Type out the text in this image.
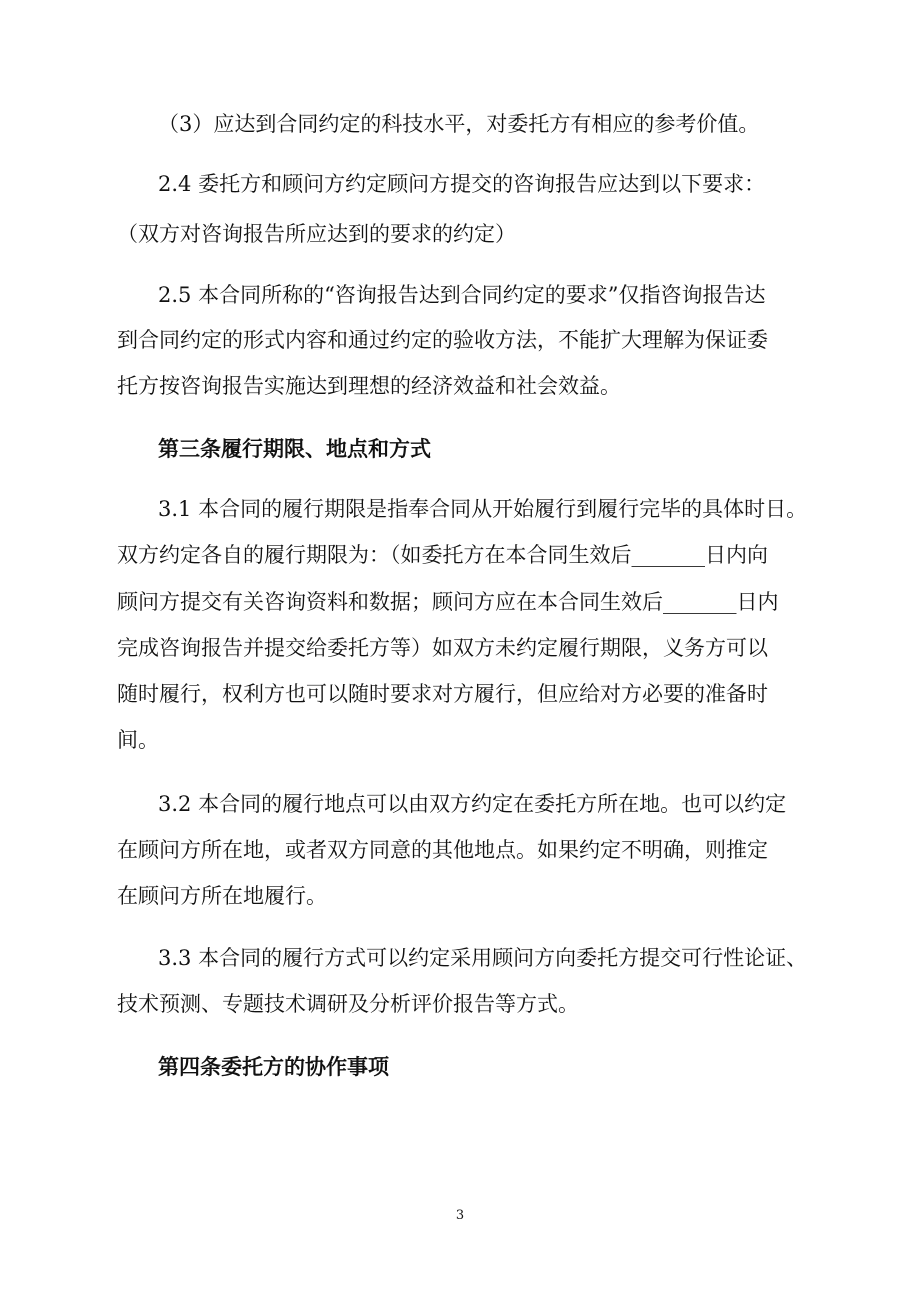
（3）应达到合同约定的科技水平，对委托方有相应的参考价值。
2.4 委托方和顾问方约定顾问方提交的咨询报告应达到以下要求：
（双方对咨询报告所应达到的要求的约定）
2.5 本合同所称的“咨询报告达到合同约定的要求”仅指咨询报告达
到合同约定的形式内容和通过约定的验收方法，不能扩大理解为保证委
托方按咨询报告实施达到理想的经济效益和社会效益。
第三条履行期限、地点和方式
3.1 本合同的履行期限是指奉合同从开始履行到履行完毕的具体时日。
双方约定各自的履行期限为：（如委托方在本合同生效后_______日内向
顾问方提交有关咨询资料和数据；顾问方应在本合同生效后_______日内
完成咨询报告并提交给委托方等）如双方未约定履行期限，义务方可以
随时履行，权利方也可以随时要求对方履行，但应给对方必要的准备时
间。
3.2 本合同的履行地点可以由双方约定在委托方所在地。也可以约定
在顾问方所在地，或者双方同意的其他地点。如果约定不明确，则推定
在顾问方所在地履行。
3.3 本合同的履行方式可以约定采用顾问方向委托方提交可行性论证、
技术预测、专题技术调研及分析评价报告等方式。
第四条委托方的协作事项
3
